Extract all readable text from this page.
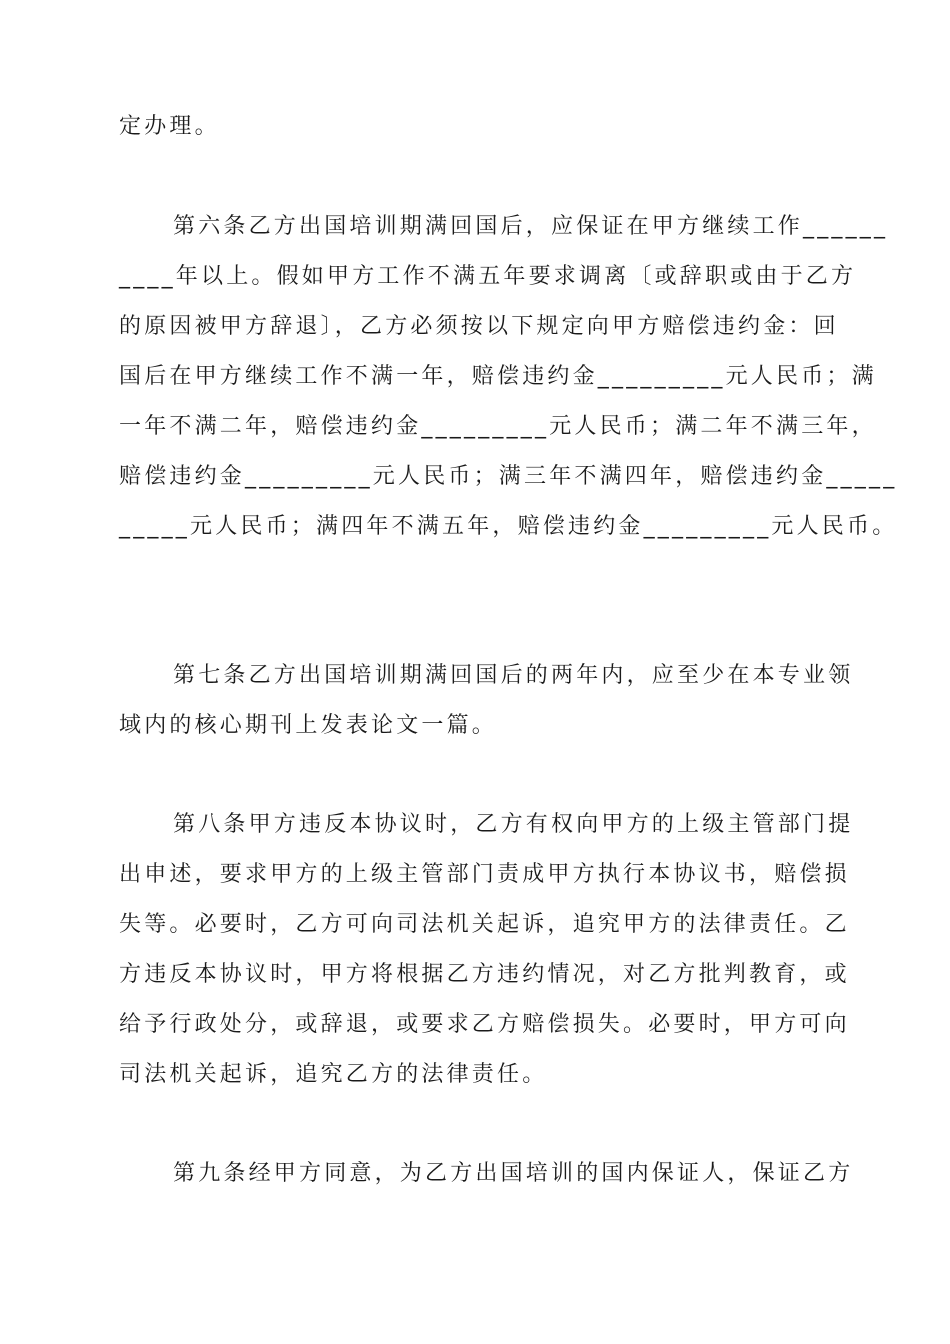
定办理。
第六条乙方出国培训期满回国后，应保证在甲方继续工作______
____年以上。假如甲方工作不满五年要求调离〔或辞职或由于乙方
的原因被甲方辞退〕，乙方必须按以下规定向甲方赔偿违约金：回
国后在甲方继续工作不满一年，赔偿违约金_________元人民币；满
一年不满二年，赔偿违约金_________元人民币；满二年不满三年，
赔偿违约金_________元人民币；满三年不满四年，赔偿违约金_____
_____元人民币；满四年不满五年，赔偿违约金_________元人民币。
第七条乙方出国培训期满回国后的两年内，应至少在本专业领
域内的核心期刊上发表论文一篇。
第八条甲方违反本协议时，乙方有权向甲方的上级主管部门提
出申述，要求甲方的上级主管部门责成甲方执行本协议书，赔偿损
失等。必要时，乙方可向司法机关起诉，追究甲方的法律责任。乙
方违反本协议时，甲方将根据乙方违约情况，对乙方批判教育，或
给予行政处分，或辞退，或要求乙方赔偿损失。必要时，甲方可向
司法机关起诉，追究乙方的法律责任。
第九条经甲方同意，为乙方出国培训的国内保证人，保证乙方
